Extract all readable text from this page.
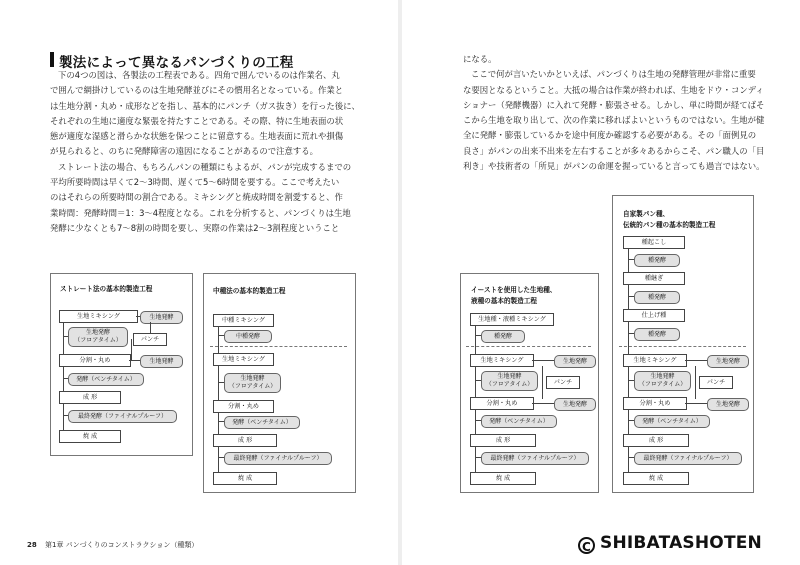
製法によって異なるパンづくりの工程

下の4つの図は、各製法の工程表である。四角で囲んでいるのは作業名、丸

で囲んで網掛けしているのは生地発酵並びにその慣用名となっている。作業と

は生地分割・丸め・成形などを指し、基本的にパンチ（ガス抜き）を行った後に、

それぞれの生地に適度な緊張を持たすことである。その際、特に生地表面の状

態が適度な湿感と滑らかな状態を保つことに留意する。生地表面に荒れや損傷

が見られると、のちに発酵障害の遠因になることがあるので注意する。

ストレート法の場合、もちろんパンの種類にもよるが、パンが完成するまでの

平均所要時間は早くて2～3時間、遅くて5～6時間を要する。ここで考えたい

のはそれらの所要時間の割合である。ミキシングと焼成時間を割愛すると、作

業時間：発酵時間＝1：3～4程度となる。これを分析すると、パンづくりは生地

発酵に少なくとも7～8割の時間を要し、実際の作業は2～3割程度ということ

になる。

ここで何が言いたいかといえば、パンづくりは生地の発酵管理が非常に重要

な要因となるということ。大抵の場合は作業が終われば、生地をドウ・コンディ

ショナー（発酵機器）に入れて発酵・膨張させる。しかし、単に時間が経てばそ

こから生地を取り出して、次の作業に移ればよいというものではない。生地が健

全に発酵・膨張しているかを途中何度か確認する必要がある。その「面例見の

良さ」がパンの出来不出来を左右することが多々あるからこそ、パン職人の「目

利き」や技術者の「所見」がパンの命運を握っていると言っても過言ではない。

ストレート法の基本的製造工程
生地ミキシング	生地発酵
生地発酵
（フロアタイム）	パンチ
分割・丸め	生地発酵
発酵（ベンチタイム）
成 形
最終発酵（ファイナルプルーフ）
焼 成
中種法の基本的製造工程
中種ミキシング
中種発酵
生地ミキシング
生地発酵
（フロアタイム）
分割・丸め
発酵（ベンチタイム）
成 形
最終発酵（ファイナルプルーフ）
焼 成
イーストを使用した生地種、
液種の基本的製造工程
生地種・液種ミキシング
種発酵
生地ミキシング	生地発酵
生地発酵
（フロアタイム）	パンチ
分割・丸め	生地発酵
発酵（ベンチタイム）
成 形
最終発酵（ファイナルプルーフ）
焼 成
自家製パン種、
伝統的パン種の基本的製造工程
種起こし
種発酵
種継ぎ
種発酵
仕上げ種
種発酵
生地ミキシング	生地発酵
生地発酵
（フロアタイム）	パンチ
分割・丸め	生地発酵
発酵（ベンチタイム）
成 形
最終発酵（ファイナルプルーフ）
焼 成
28 第1章 パンづくりのコンストラクション（種類）	C SHIBATASHOTEN
